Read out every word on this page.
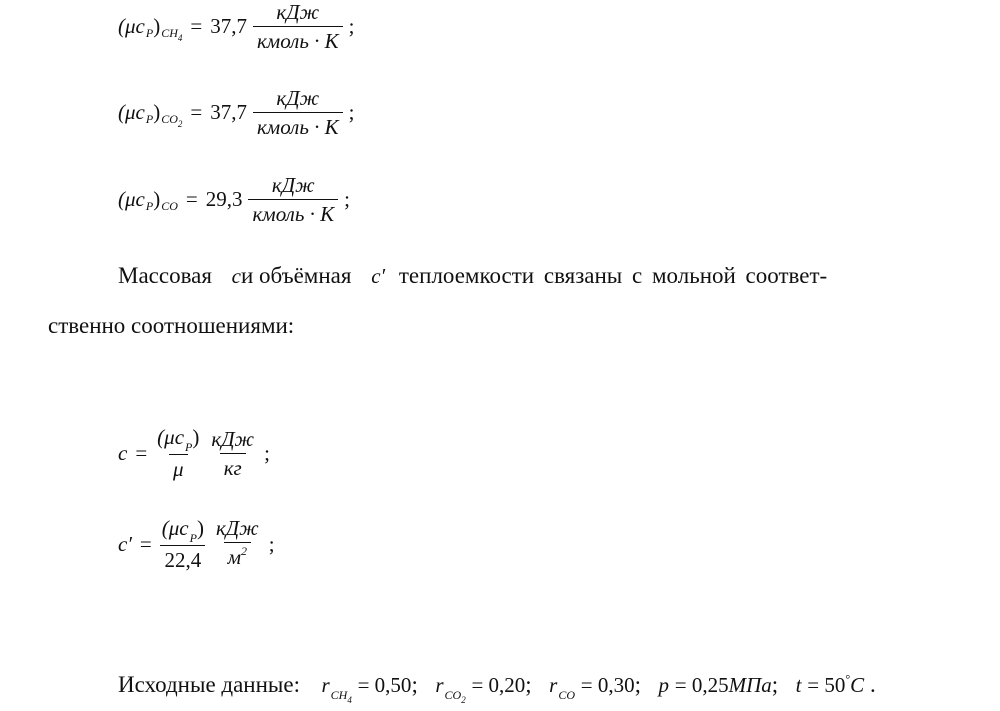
(μc P ) $CH_4 = 37,7 \frac{\text{кДж}}{\text{кмоль · К}}$ ;
(μc P ) $CO_2 = 37,7 \frac{\text{кДж}}{\text{кмоль · К}}$ ;
(μc P ) CO = $29,3 \frac{\text{кДж}}{\text{кмоль · К}}$ ;
Массовая cи объёмная c′ теплоемкости связаны с мольной соответ-
ственно соотношениями:
$c = \frac{(\mu c_P)}{\mu} \frac{\text{кДж}}{кг}$ ;
$c' = \frac{(\mu c_P)}{22,4} \frac{\text{кДж}}{м^2}$ ;
Исходные данные: $r_{CH_4} = 0,50$; $r_{CO_2} = 0,20$; $r_{CO} = 0,30$; p = 0,25МПа; t = 50°C .
